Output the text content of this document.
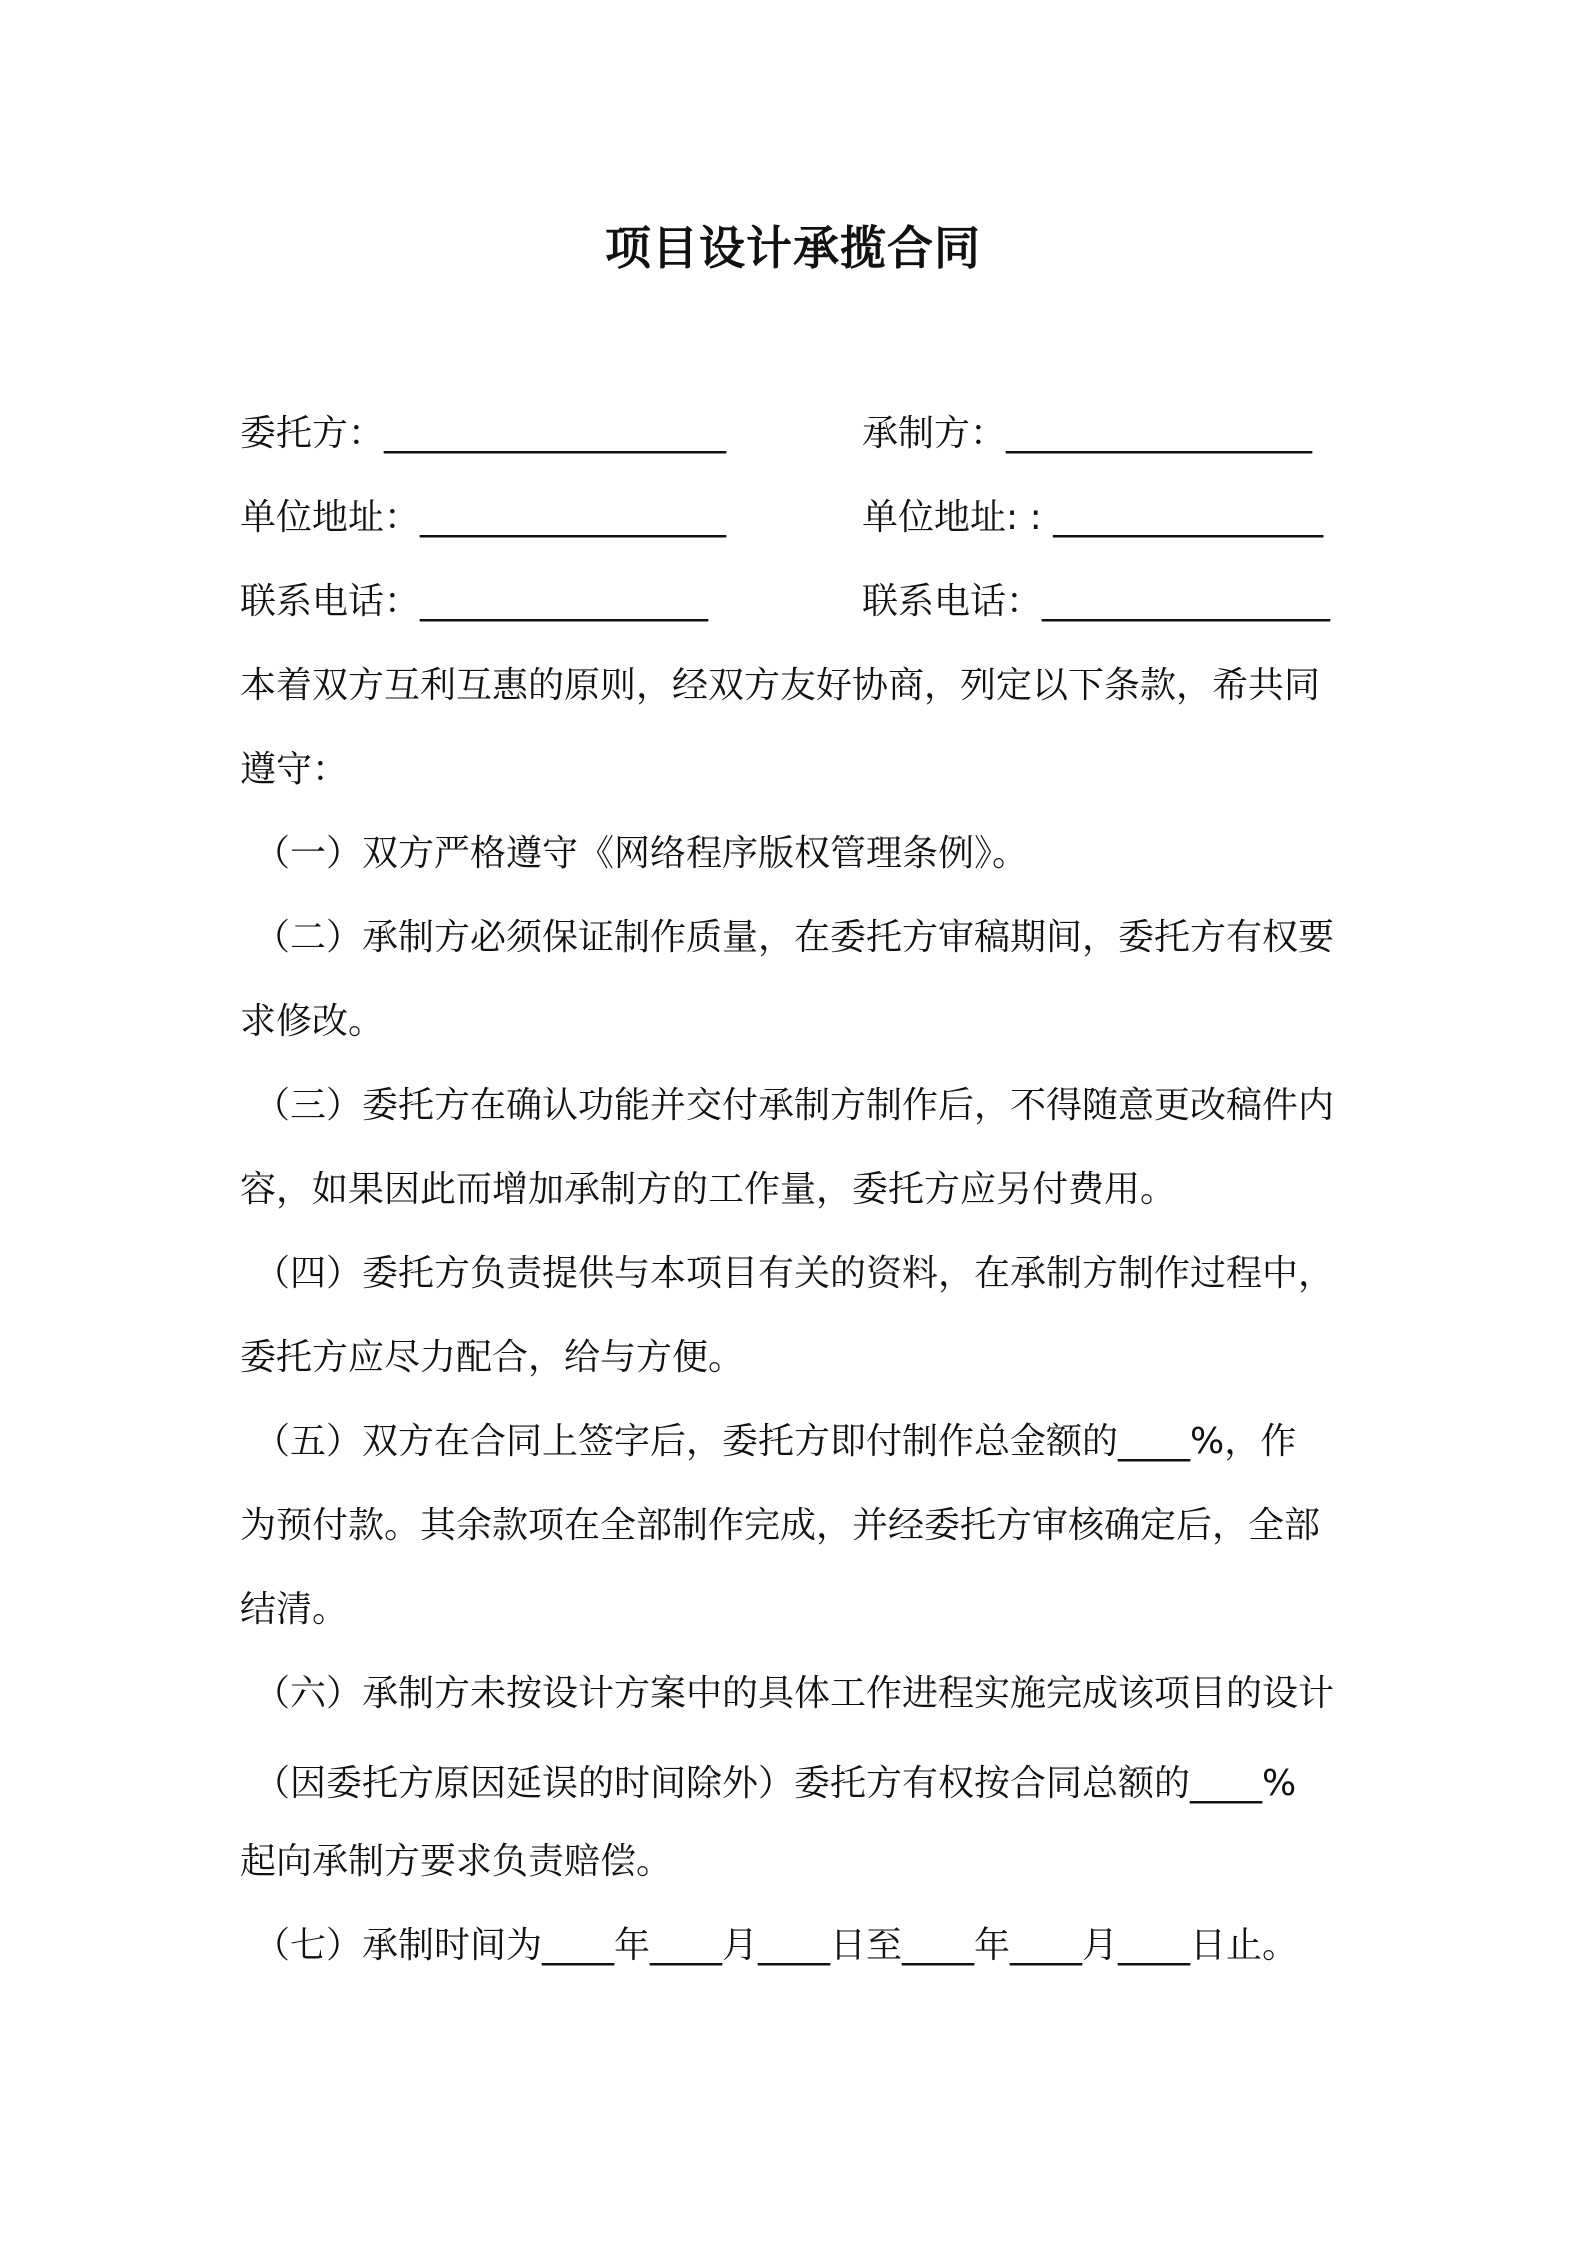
项目设计承揽合同
委托方：___________________	承制方：_________________
单位地址：_________________	单位地址: : _______________
联系电话：________________	联系电话：________________
本着双方互利互惠的原则，经双方友好协商，列定以下条款，希共同
遵守：
（一）双方严格遵守《网络程序版权管理条例》。
（二）承制方必须保证制作质量，在委托方审稿期间，委托方有权要
求修改。
（三）委托方在确认功能并交付承制方制作后，不得随意更改稿件内
容，如果因此而增加承制方的工作量，委托方应另付费用。
（四）委托方负责提供与本项目有关的资料，在承制方制作过程中，
委托方应尽力配合，给与方便。
（五）双方在合同上签字后，委托方即付制作总金额的____%，作
为预付款。其余款项在全部制作完成，并经委托方审核确定后，全部
结清。
（六）承制方未按设计方案中的具体工作进程实施完成该项目的设计
（因委托方原因延误的时间除外）委托方有权按合同总额的____%
起向承制方要求负责赔偿。
（七）承制时间为____年____月____日至____年____月____日止。
